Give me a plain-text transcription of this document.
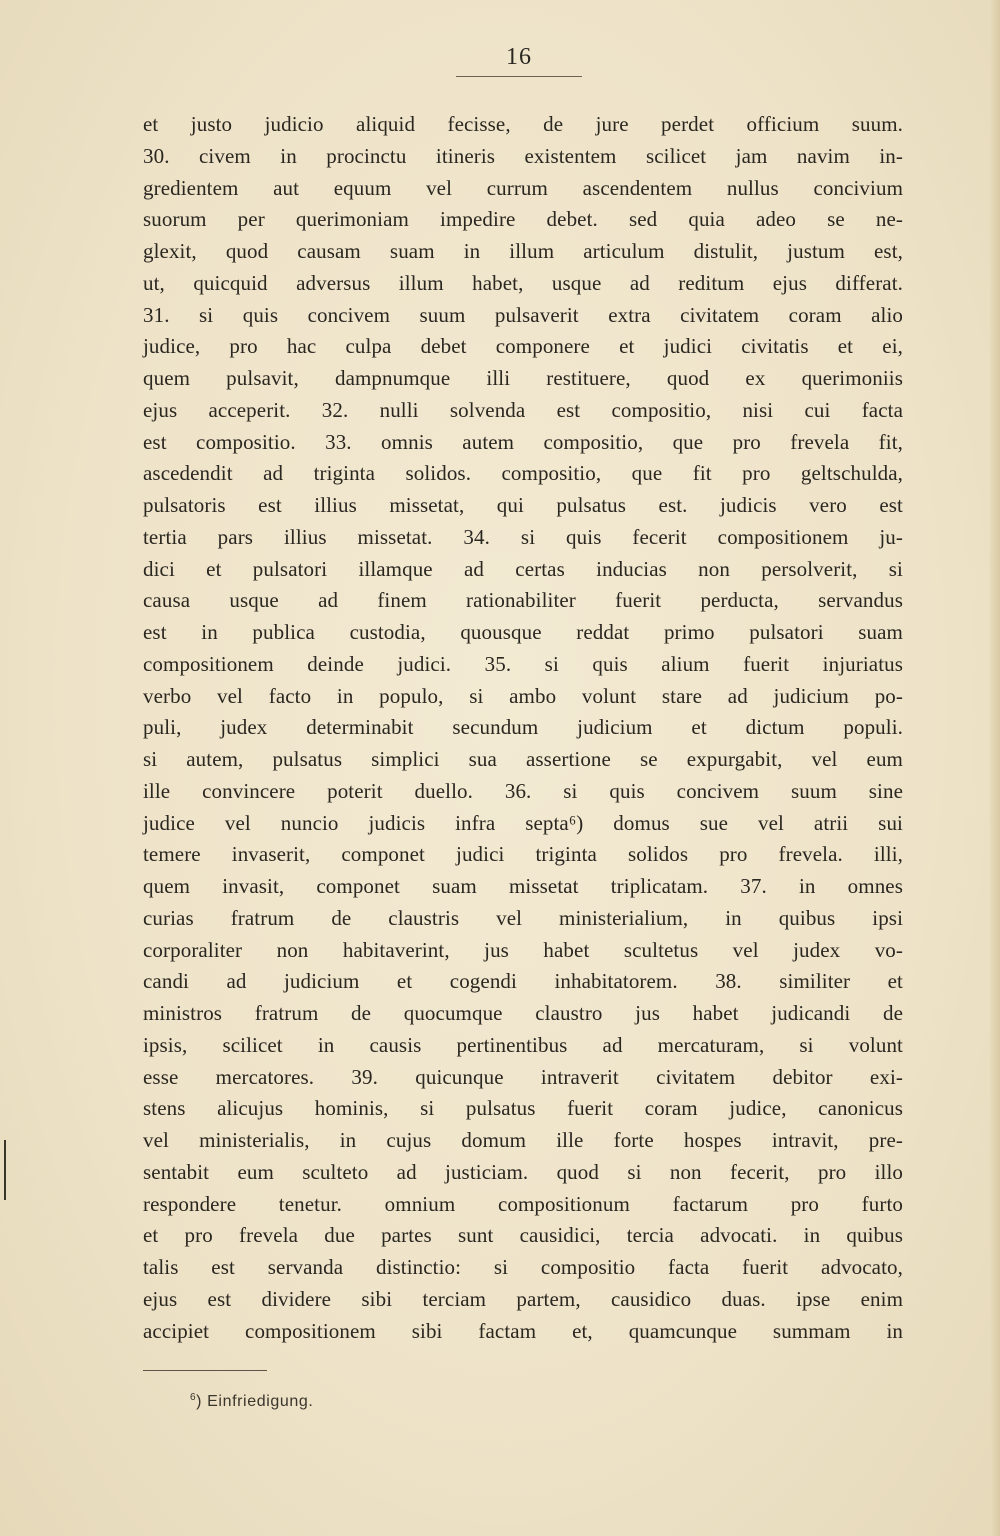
16
et justo judicio aliquid fecisse, de jure perdet officium suum.
30. civem in procinctu itineris existentem scilicet jam navim in-
gredientem aut equum vel currum ascendentem nullus concivium
suorum per querimoniam impedire debet. sed quia adeo se ne-
glexit, quod causam suam in illum articulum distulit, justum est,
ut, quicquid adversus illum habet, usque ad reditum ejus differat.
31. si quis concivem suum pulsaverit extra civitatem coram alio
judice, pro hac culpa debet componere et judici civitatis et ei,
quem pulsavit, dampnumque illi restituere, quod ex querimoniis
ejus acceperit. 32. nulli solvenda est compositio, nisi cui facta
est compositio. 33. omnis autem compositio, que pro frevela fit,
ascedendit ad triginta solidos. compositio, que fit pro geltschulda,
pulsatoris est illius missetat, qui pulsatus est. judicis vero est
tertia pars illius missetat. 34. si quis fecerit compositionem ju-
dici et pulsatori illamque ad certas inducias non persolverit, si
causa usque ad finem rationabiliter fuerit perducta, servandus
est in publica custodia, quousque reddat primo pulsatori suam
compositionem deinde judici. 35. si quis alium fuerit injuriatus
verbo vel facto in populo, si ambo volunt stare ad judicium po-
puli, judex determinabit secundum judicium et dictum populi.
si autem, pulsatus simplici sua assertione se expurgabit, vel eum
ille convincere poterit duello. 36. si quis concivem suum sine
judice vel nuncio judicis infra septa⁶) domus sue vel atrii sui
temere invaserit, componet judici triginta solidos pro frevela. illi,
quem invasit, componet suam missetat triplicatam. 37. in omnes
curias fratrum de claustris vel ministerialium, in quibus ipsi
corporaliter non habitaverint, jus habet scultetus vel judex vo-
candi ad judicium et cogendi inhabitatorem. 38. similiter et
ministros fratrum de quocumque claustro jus habet judicandi de
ipsis, scilicet in causis pertinentibus ad mercaturam, si volunt
esse mercatores. 39. quicunque intraverit civitatem debitor exi-
stens alicujus hominis, si pulsatus fuerit coram judice, canonicus
vel ministerialis, in cujus domum ille forte hospes intravit, pre-
sentabit eum sculteto ad justiciam. quod si non fecerit, pro illo
respondere tenetur. omnium compositionum factarum pro furto
et pro frevela due partes sunt causidici, tercia advocati. in quibus
talis est servanda distinctio: si compositio facta fuerit advocato,
ejus est dividere sibi terciam partem, causidico duas. ipse enim
accipiet compositionem sibi factam et, quamcunque summam in
$^6$) Einfriedigung.
